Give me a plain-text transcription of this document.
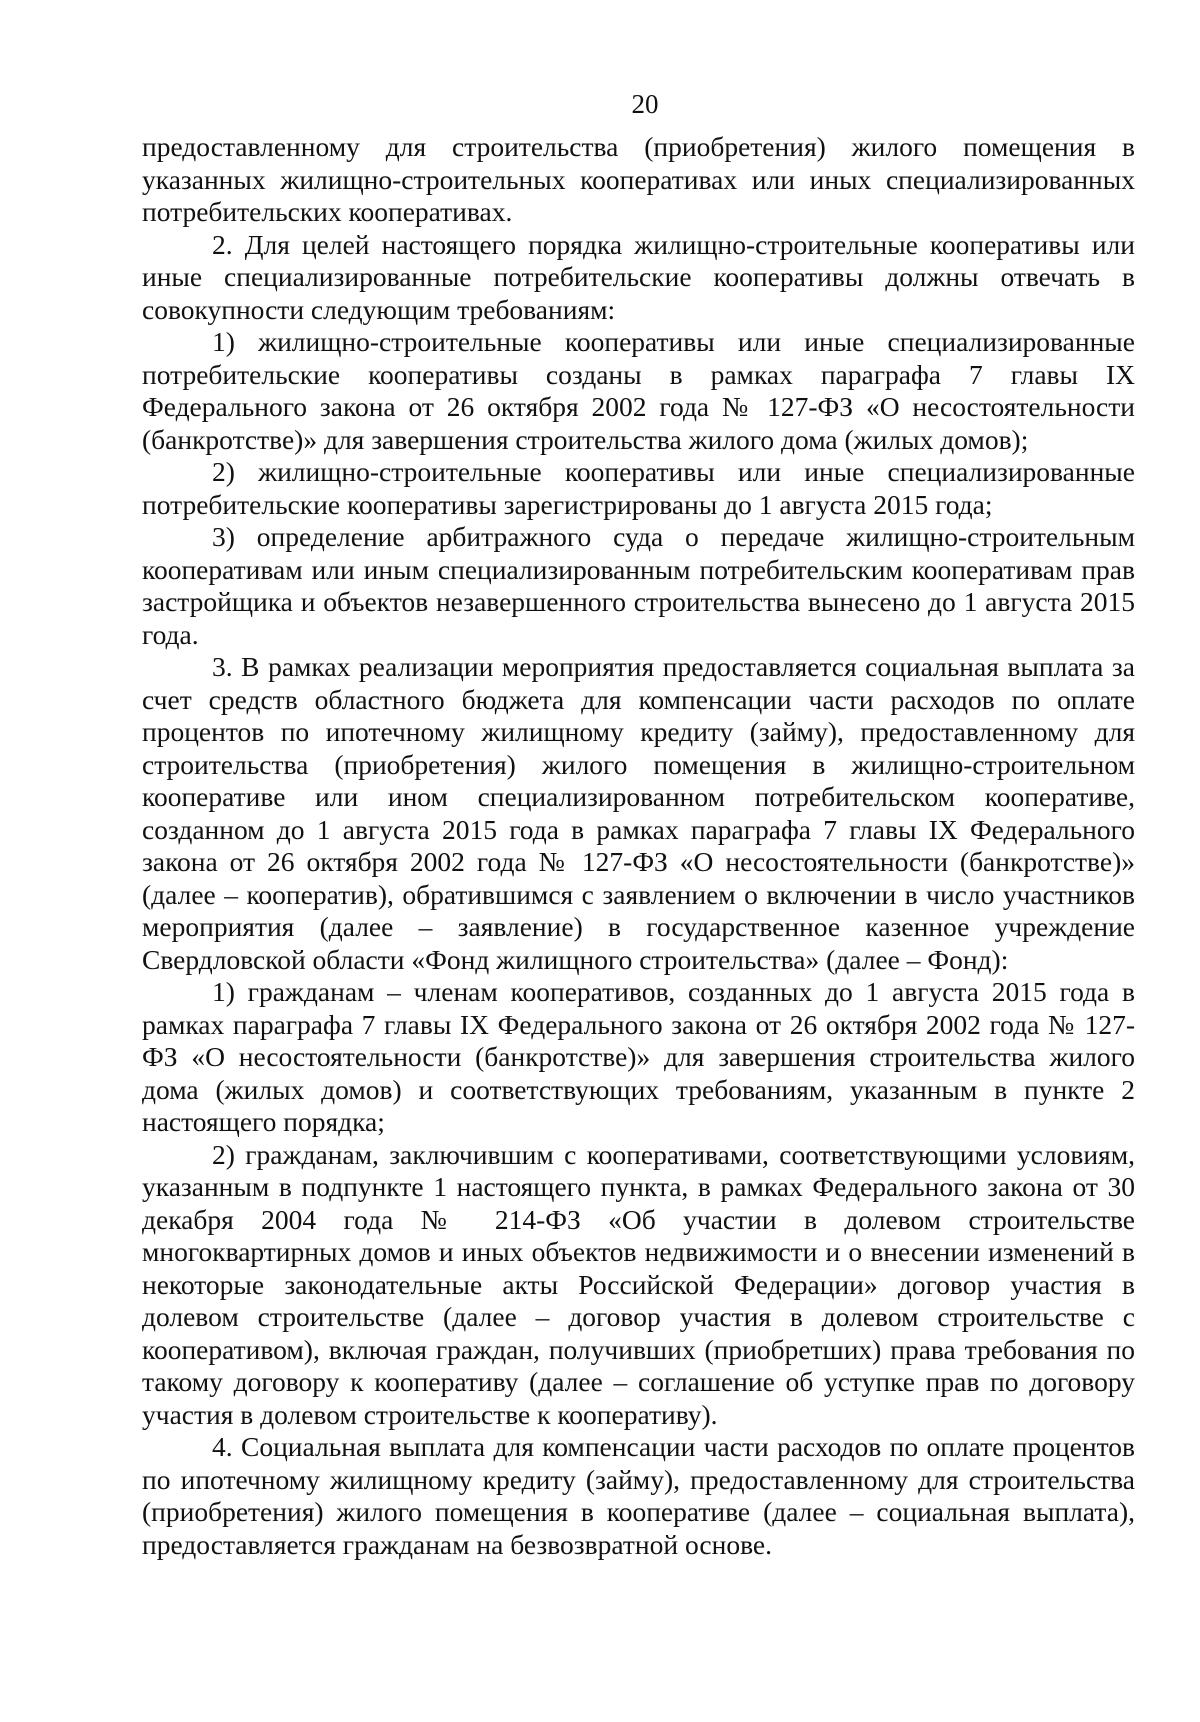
20

предоставленному для строительства (приобретения) жилого помещения в указанных жилищно-строительных кооперативах или иных специализированных потребительских кооперативах.

2. Для целей настоящего порядка жилищно-строительные кооперативы или иные специализированные потребительские кооперативы должны отвечать в совокупности следующим требованиям:

1) жилищно-строительные кооперативы или иные специализированные потребительские кооперативы созданы в рамках параграфа 7 главы IX Федерального закона от 26 октября 2002 года № 127-ФЗ «О несостоятельности (банкротстве)» для завершения строительства жилого дома (жилых домов);

2) жилищно-строительные кооперативы или иные специализированные потребительские кооперативы зарегистрированы до 1 августа 2015 года;

3) определение арбитражного суда о передаче жилищно-строительным кооперативам или иным специализированным потребительским кооперативам прав застройщика и объектов незавершенного строительства вынесено до 1 августа 2015 года.

3. В рамках реализации мероприятия предоставляется социальная выплата за счет средств областного бюджета для компенсации части расходов по оплате процентов по ипотечному жилищному кредиту (займу), предоставленному для строительства (приобретения) жилого помещения в жилищно-строительном кооперативе или ином специализированном потребительском кооперативе, созданном до 1 августа 2015 года в рамках параграфа 7 главы IX Федерального закона от 26 октября 2002 года № 127-ФЗ «О несостоятельности (банкротстве)» (далее – кооператив), обратившимся с заявлением о включении в число участников мероприятия (далее – заявление) в государственное казенное учреждение Свердловской области «Фонд жилищного строительства» (далее – Фонд):

1) гражданам – членам кооперативов, созданных до 1 августа 2015 года в рамках параграфа 7 главы IX Федерального закона от 26 октября 2002 года № 127-ФЗ «О несостоятельности (банкротстве)» для завершения строительства жилого дома (жилых домов) и соответствующих требованиям, указанным в пункте 2 настоящего порядка;

2) гражданам, заключившим с кооперативами, соответствующими условиям, указанным в подпункте 1 настоящего пункта, в рамках Федерального закона от 30 декабря 2004 года № 214-ФЗ «Об участии в долевом строительстве многоквартирных домов и иных объектов недвижимости и о внесении изменений в некоторые законодательные акты Российской Федерации» договор участия в долевом строительстве (далее – договор участия в долевом строительстве с кооперативом), включая граждан, получивших (приобретших) права требования по такому договору к кооперативу (далее – соглашение об уступке прав по договору участия в долевом строительстве к кооперативу).

4. Социальная выплата для компенсации части расходов по оплате процентов по ипотечному жилищному кредиту (займу), предоставленному для строительства (приобретения) жилого помещения в кооперативе (далее – социальная выплата), предоставляется гражданам на безвозвратной основе.
